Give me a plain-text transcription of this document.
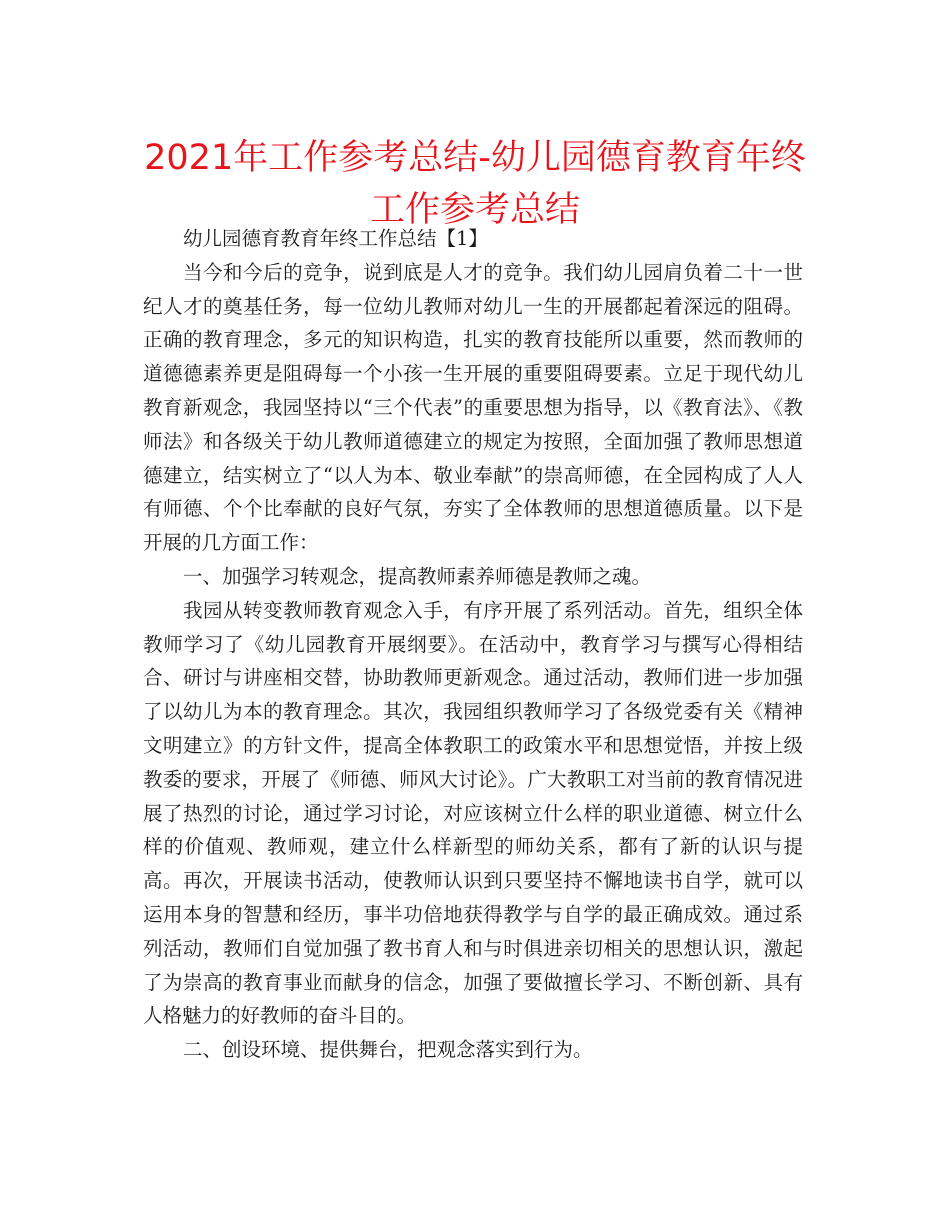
2021年工作参考总结-幼儿园德育教育年终工作参考总结

幼儿园德育教育年终工作总结【1】

当今和今后的竞争，说到底是人才的竞争。我们幼儿园肩负着二十一世纪人才的奠基任务，每一位幼儿教师对幼儿一生的开展都起着深远的阻碍。正确的教育理念，多元的知识构造，扎实的教育技能所以重要，然而教师的道德德素养更是阻碍每一个小孩一生开展的重要阻碍要素。立足于现代幼儿教育新观念，我园坚持以“三个代表”的重要思想为指导，以《教育法》、《教师法》和各级关于幼儿教师道德建立的规定为按照，全面加强了教师思想道德建立，结实树立了“以人为本、敬业奉献”的崇高师德，在全园构成了人人有师德、个个比奉献的良好气氛，夯实了全体教师的思想道德质量。以下是开展的几方面工作：

一、加强学习转观念，提高教师素养师德是教师之魂。

我园从转变教师教育观念入手，有序开展了系列活动。首先，组织全体教师学习了《幼儿园教育开展纲要》。在活动中，教育学习与撰写心得相结合、研讨与讲座相交替，协助教师更新观念。通过活动，教师们进一步加强了以幼儿为本的教育理念。其次，我园组织教师学习了各级党委有关《精神文明建立》的方针文件，提高全体教职工的政策水平和思想觉悟，并按上级教委的要求，开展了《师德、师风大讨论》。广大教职工对当前的教育情况进展了热烈的讨论，通过学习讨论，对应该树立什么样的职业道德、树立什么样的价值观、教师观，建立什么样新型的师幼关系，都有了新的认识与提高。再次，开展读书活动，使教师认识到只要坚持不懈地读书自学，就可以运用本身的智慧和经历，事半功倍地获得教学与自学的最正确成效。通过系列活动，教师们自觉加强了教书育人和与时俱进亲切相关的思想认识，激起了为崇高的教育事业而献身的信念，加强了要做擅长学习、不断创新、具有人格魅力的好教师的奋斗目的。

二、创设环境、提供舞台，把观念落实到行为。
